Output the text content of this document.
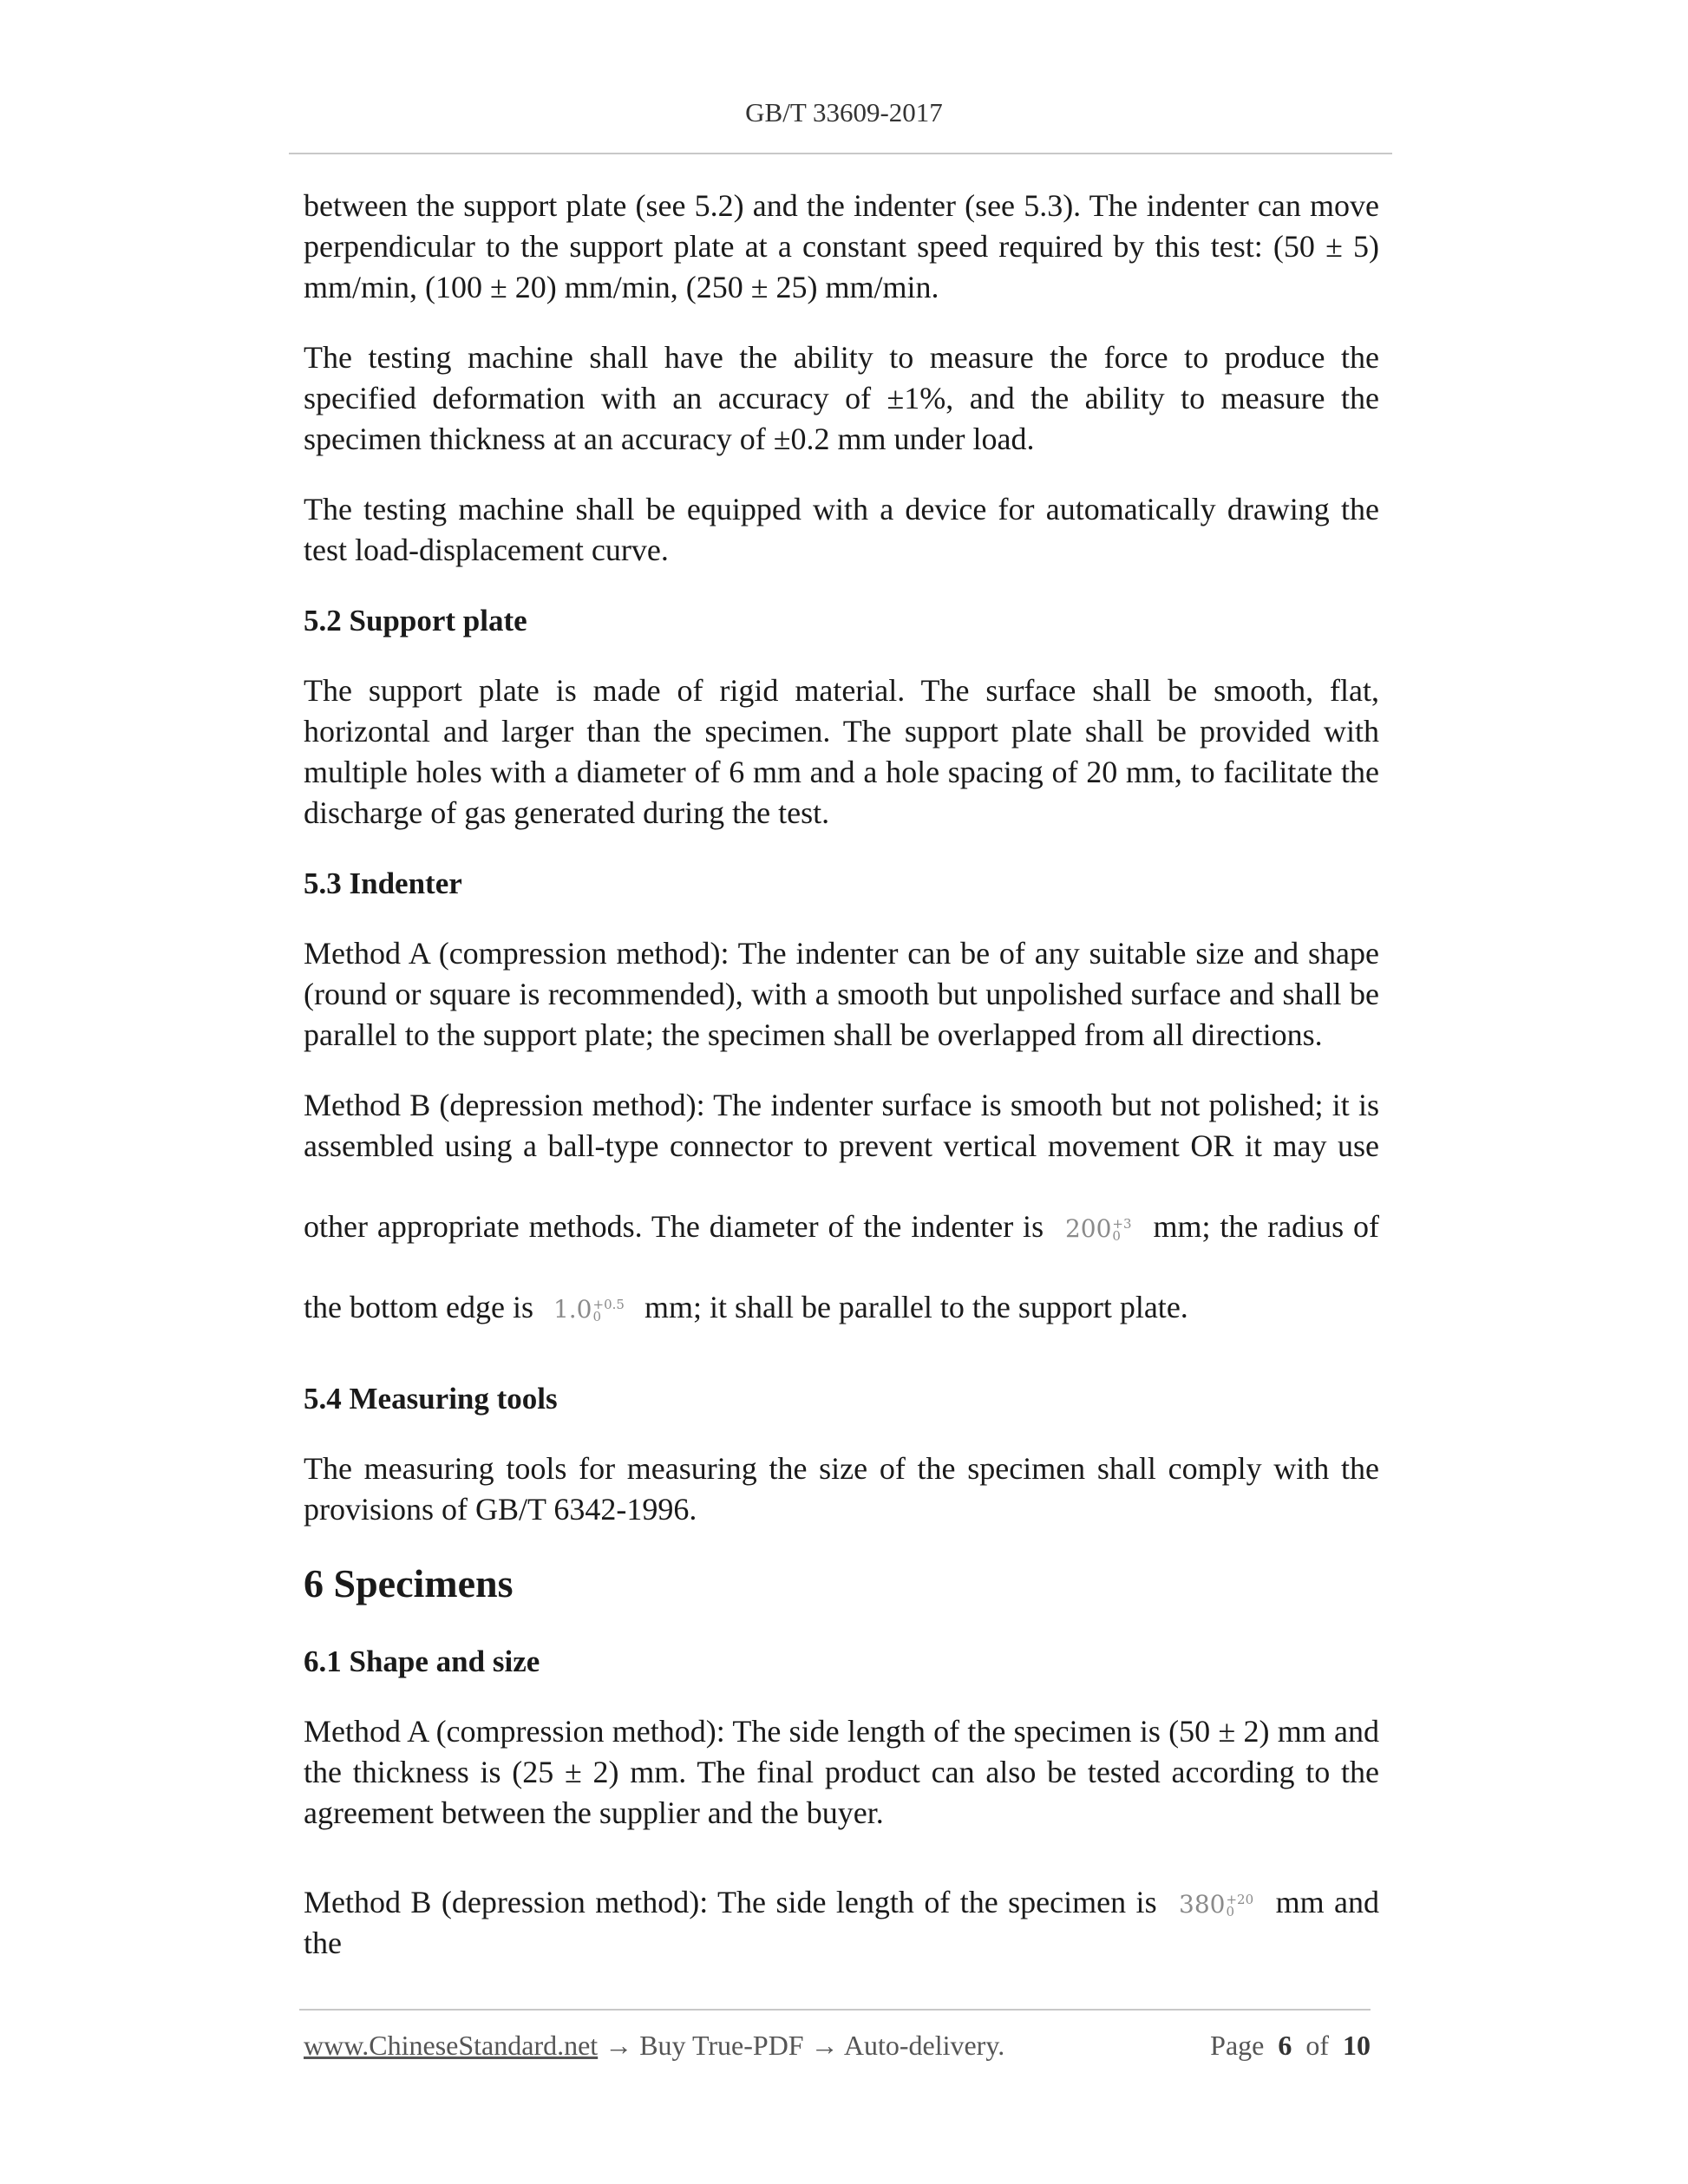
GB/T 33609-2017

between the support plate (see 5.2) and the indenter (see 5.3). The indenter can move perpendicular to the support plate at a constant speed required by this test: (50 ± 5) mm/min, (100 ± 20) mm/min, (250 ± 25) mm/min.

The testing machine shall have the ability to measure the force to produce the specified deformation with an accuracy of ±1%, and the ability to measure the specimen thickness at an accuracy of ±0.2 mm under load.

The testing machine shall be equipped with a device for automatically drawing the test load-displacement curve.

5.2 Support plate

The support plate is made of rigid material. The surface shall be smooth, flat, horizontal and larger than the specimen. The support plate shall be provided with multiple holes with a diameter of 6 mm and a hole spacing of 20 mm, to facilitate the discharge of gas generated during the test.

5.3 Indenter

Method A (compression method): The indenter can be of any suitable size and shape (round or square is recommended), with a smooth but unpolished surface and shall be parallel to the support plate; the specimen shall be overlapped from all directions.

Method B (depression method): The indenter surface is smooth but not polished; it is assembled using a ball-type connector to prevent vertical movement OR it may use
other appropriate methods. The diameter of the indenter is 200 +3
0	mm; the radius of
the bottom edge is 1.0 +0.5
0	mm; it shall be parallel to the support plate.
5.4 Measuring tools

The measuring tools for measuring the size of the specimen shall comply with the provisions of GB/T 6342-1996.

6 Specimens
6.1 Shape and size

Method A (compression method): The side length of the specimen is (50 ± 2) mm and the thickness is (25 ± 2) mm. The final product can also be tested according to the agreement between the supplier and the buyer.

Method B (depression method): The side length of the specimen is 380 +20
0	mm and the
www.ChineseStandard.net → Buy True-PDF → Auto-delivery.	Page 6 of 10
